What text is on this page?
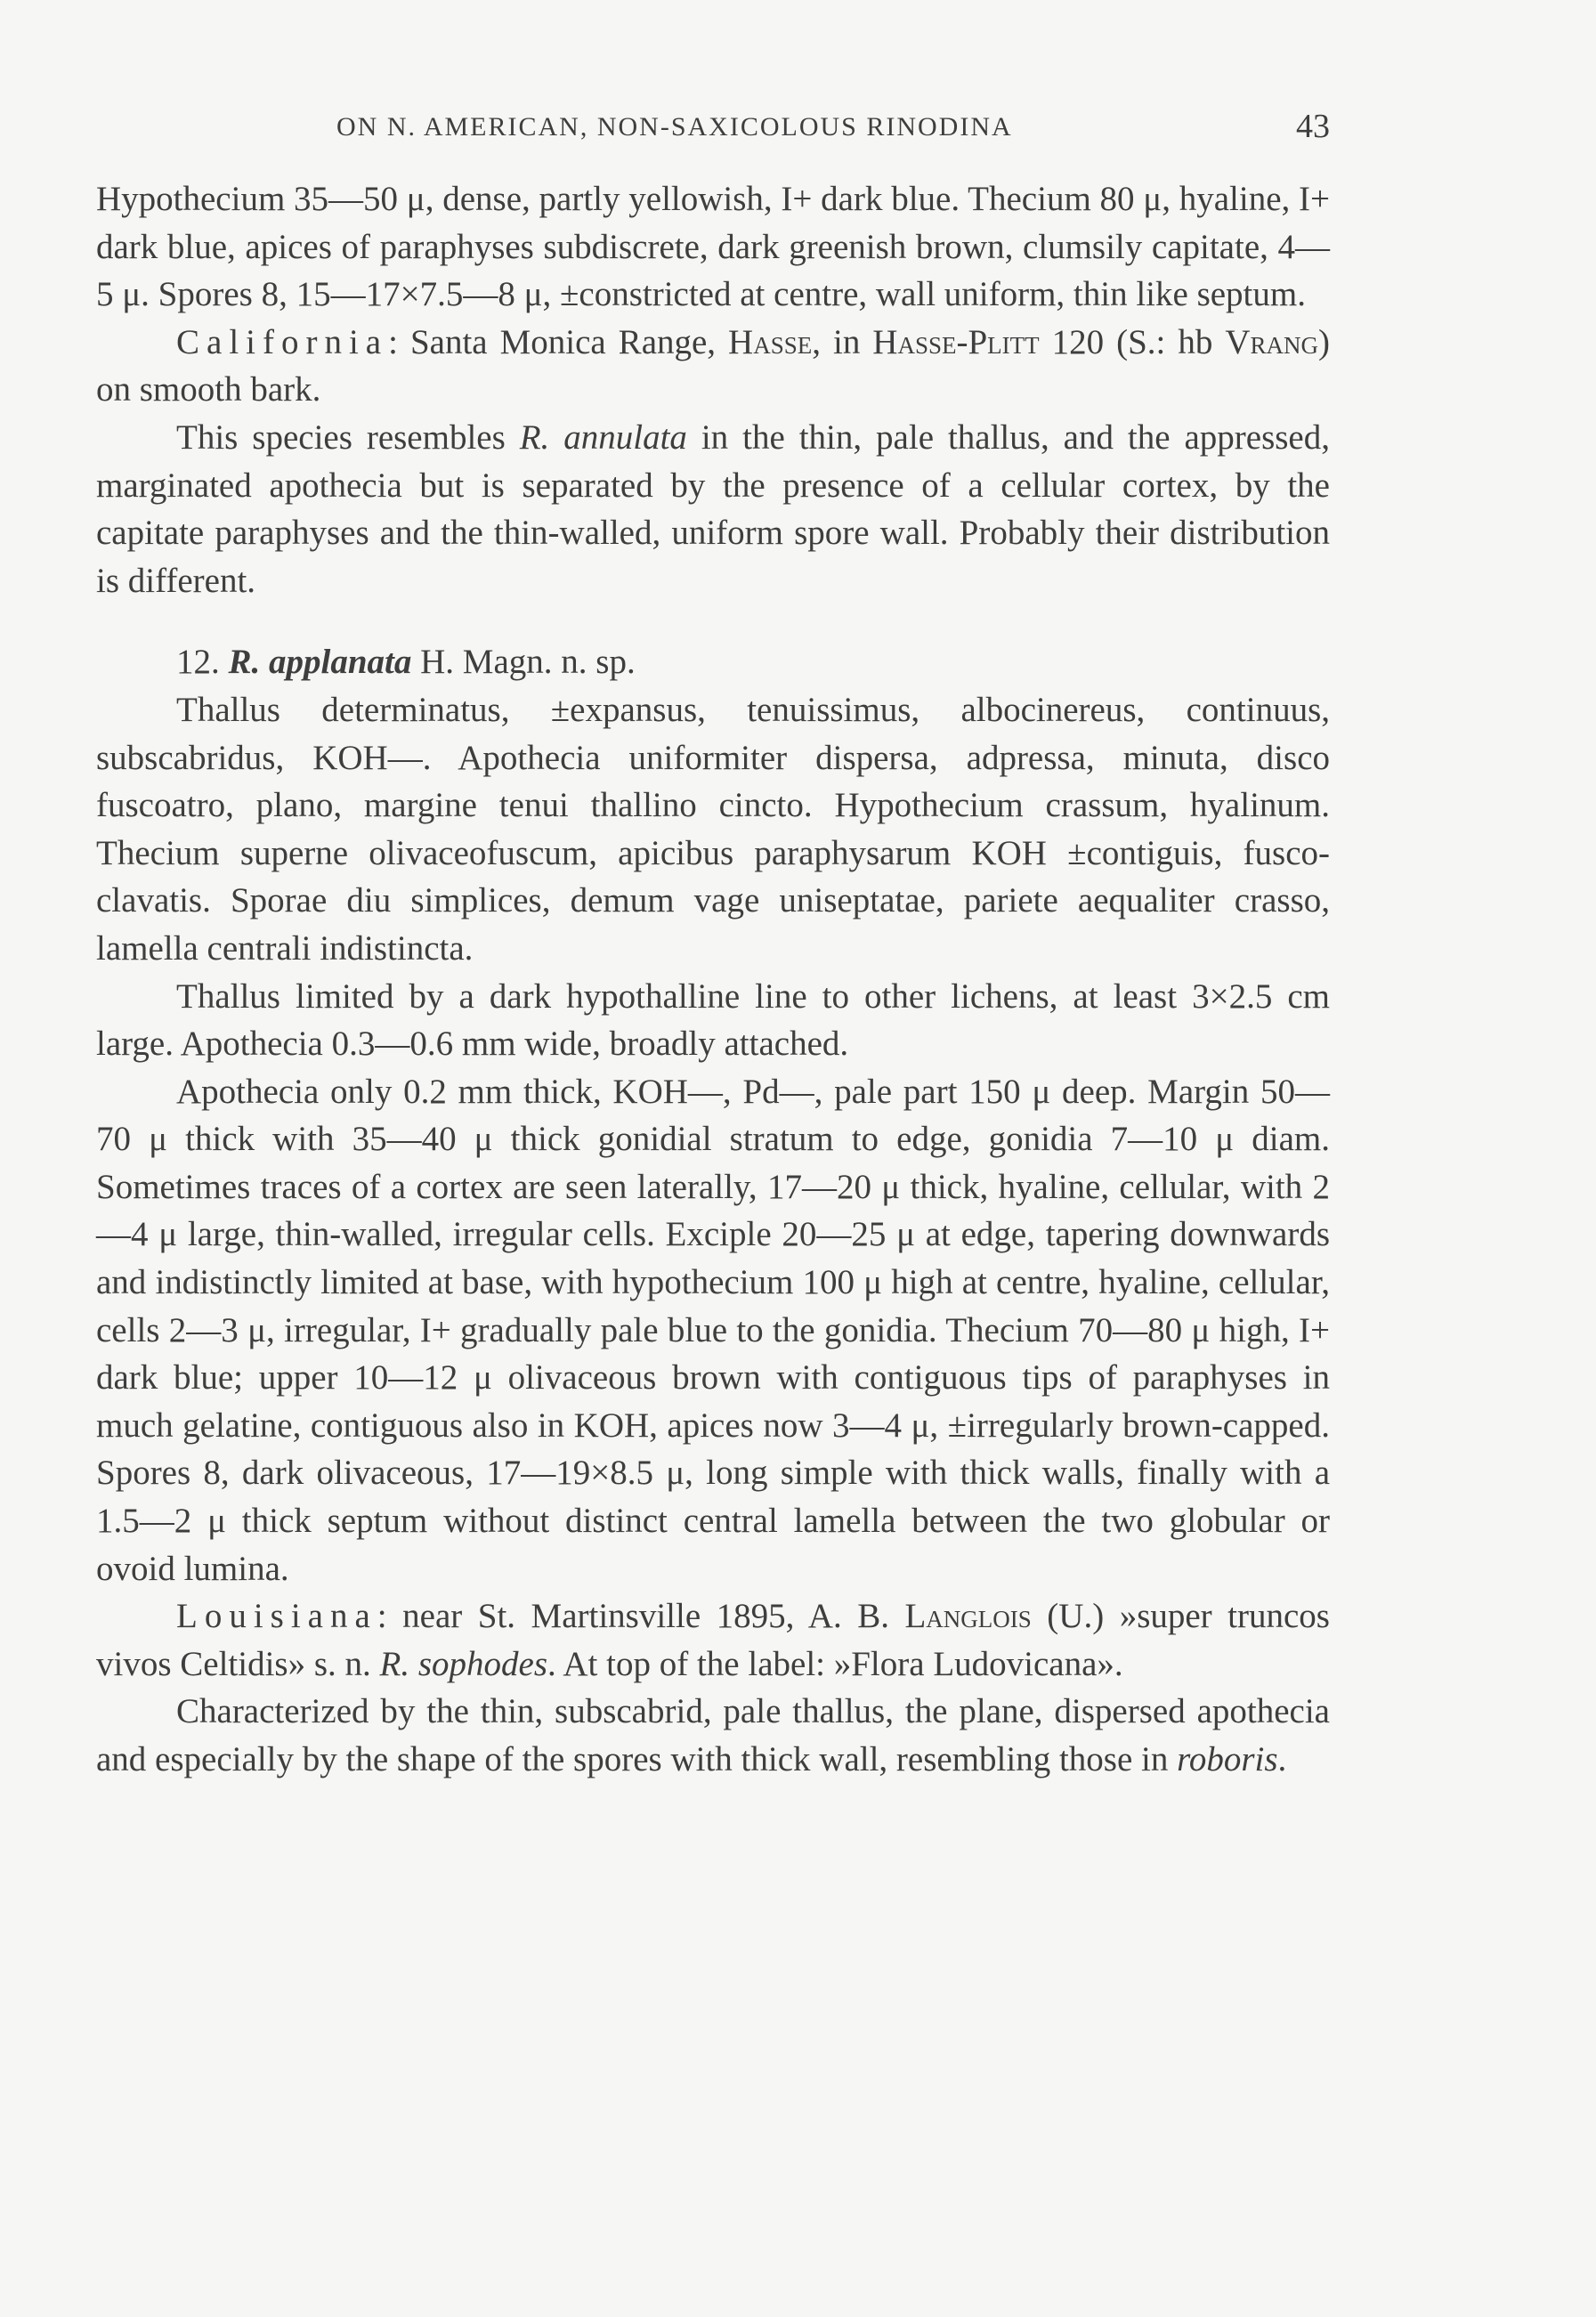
ON N. AMERICAN, NON-SAXICOLOUS RINODINA	43

Hypothecium 35—50 μ, dense, partly yellowish, I+ dark blue. Thecium 80 μ, hyaline, I+ dark blue, apices of paraphyses subdiscrete, dark greenish brown, clumsily capitate, 4—5 μ. Spores 8, 15—17×7.5—8 μ, ±constricted at centre, wall uniform, thin like septum.

California: Santa Monica Range, Hasse, in Hasse-Plitt 120 (S.: hb Vrang) on smooth bark.

This species resembles R. annulata in the thin, pale thallus, and the appressed, marginated apothecia but is separated by the presence of a cellular cortex, by the capitate paraphyses and the thin-walled, uniform spore wall. Probably their distribution is different.

12. R. applanata H. Magn. n. sp.

Thallus determinatus, ±expansus, tenuissimus, albocinereus, continuus, subscabridus, KOH—. Apothecia uniformiter dispersa, adpressa, minuta, disco fuscoatro, plano, margine tenui thallino cincto. Hypothecium crassum, hyalinum. Thecium superne olivaceofuscum, apicibus paraphysarum KOH ±contiguis, fusco-clavatis. Sporae diu simplices, demum vage uniseptatae, pariete aequaliter crasso, lamella centrali indistincta.

Thallus limited by a dark hypothalline line to other lichens, at least 3×2.5 cm large. Apothecia 0.3—0.6 mm wide, broadly attached.

Apothecia only 0.2 mm thick, KOH—, Pd—, pale part 150 μ deep. Margin 50—70 μ thick with 35—40 μ thick gonidial stratum to edge, gonidia 7—10 μ diam. Sometimes traces of a cortex are seen laterally, 17—20 μ thick, hyaline, cellular, with 2—4 μ large, thin-walled, irregular cells. Exciple 20—25 μ at edge, tapering downwards and indistinctly limited at base, with hypothecium 100 μ high at centre, hyaline, cellular, cells 2—3 μ, irregular, I+ gradually pale blue to the gonidia. Thecium 70—80 μ high, I+ dark blue; upper 10—12 μ olivaceous brown with contiguous tips of paraphyses in much gelatine, contiguous also in KOH, apices now 3—4 μ, ±irregularly brown-capped. Spores 8, dark olivaceous, 17—19×8.5 μ, long simple with thick walls, finally with a 1.5—2 μ thick septum without distinct central lamella between the two globular or ovoid lumina.

Louisiana: near St. Martinsville 1895, A. B. Langlois (U.) »super truncos vivos Celtidis» s. n. R. sophodes. At top of the label: »Flora Ludovicana».

Characterized by the thin, subscabrid, pale thallus, the plane, dispersed apothecia and especially by the shape of the spores with thick wall, resembling those in roboris.
